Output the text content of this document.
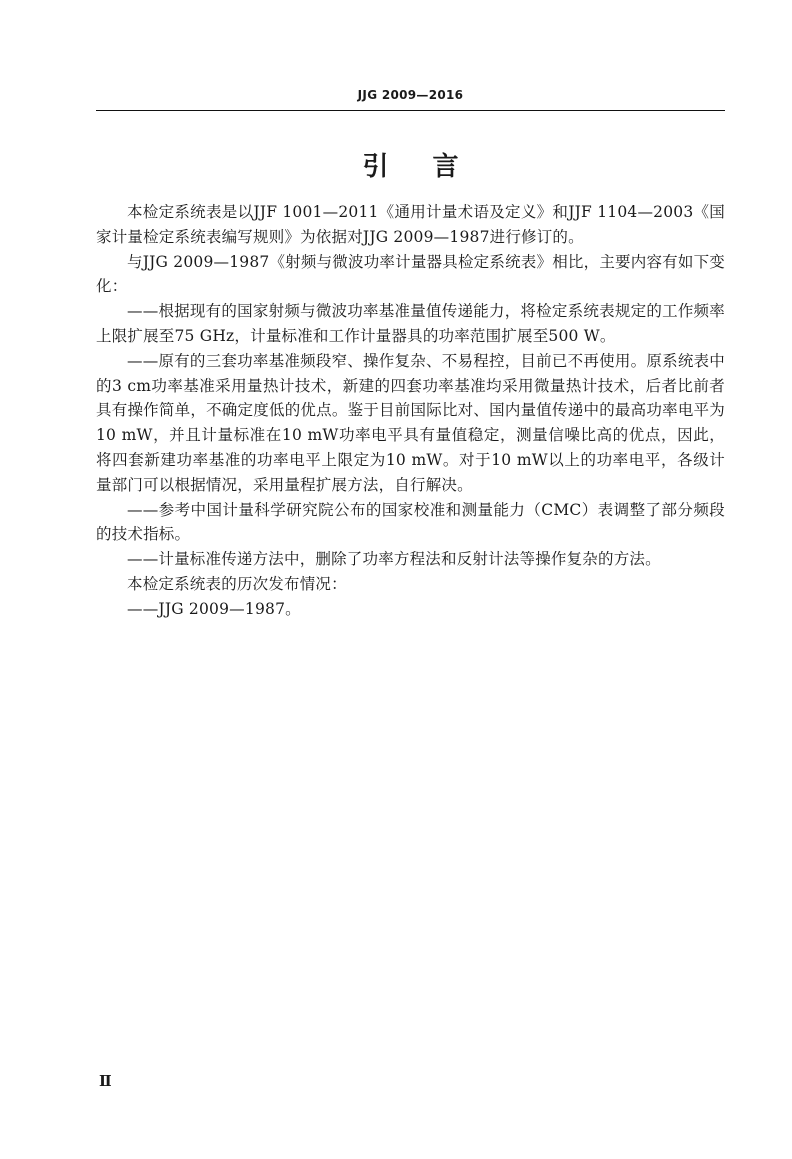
JJG 2009—2016
引言

本检定系统表是以JJF 1001—2011《通用计量术语及定义》和JJF 1104—2003《国家计量检定系统表编写规则》为依据对JJG 2009—1987进行修订的。

与JJG 2009—1987《射频与微波功率计量器具检定系统表》相比，主要内容有如下变化：

——根据现有的国家射频与微波功率基准量值传递能力，将检定系统表规定的工作频率上限扩展至75 GHz，计量标准和工作计量器具的功率范围扩展至500 W。

——原有的三套功率基准频段窄、操作复杂、不易程控，目前已不再使用。原系统表中的3 cm功率基准采用量热计技术，新建的四套功率基准均采用微量热计技术，后者比前者具有操作简单，不确定度低的优点。鉴于目前国际比对、国内量值传递中的最高功率电平为10 mW，并且计量标准在10 mW功率电平具有量值稳定，测量信噪比高的优点，因此，将四套新建功率基准的功率电平上限定为10 mW。对于10 mW以上的功率电平，各级计量部门可以根据情况，采用量程扩展方法，自行解决。

——参考中国计量科学研究院公布的国家校准和测量能力（CMC）表调整了部分频段的技术指标。

——计量标准传递方法中，删除了功率方程法和反射计法等操作复杂的方法。

本检定系统表的历次发布情况：

——JJG 2009—1987。

Ⅱ
